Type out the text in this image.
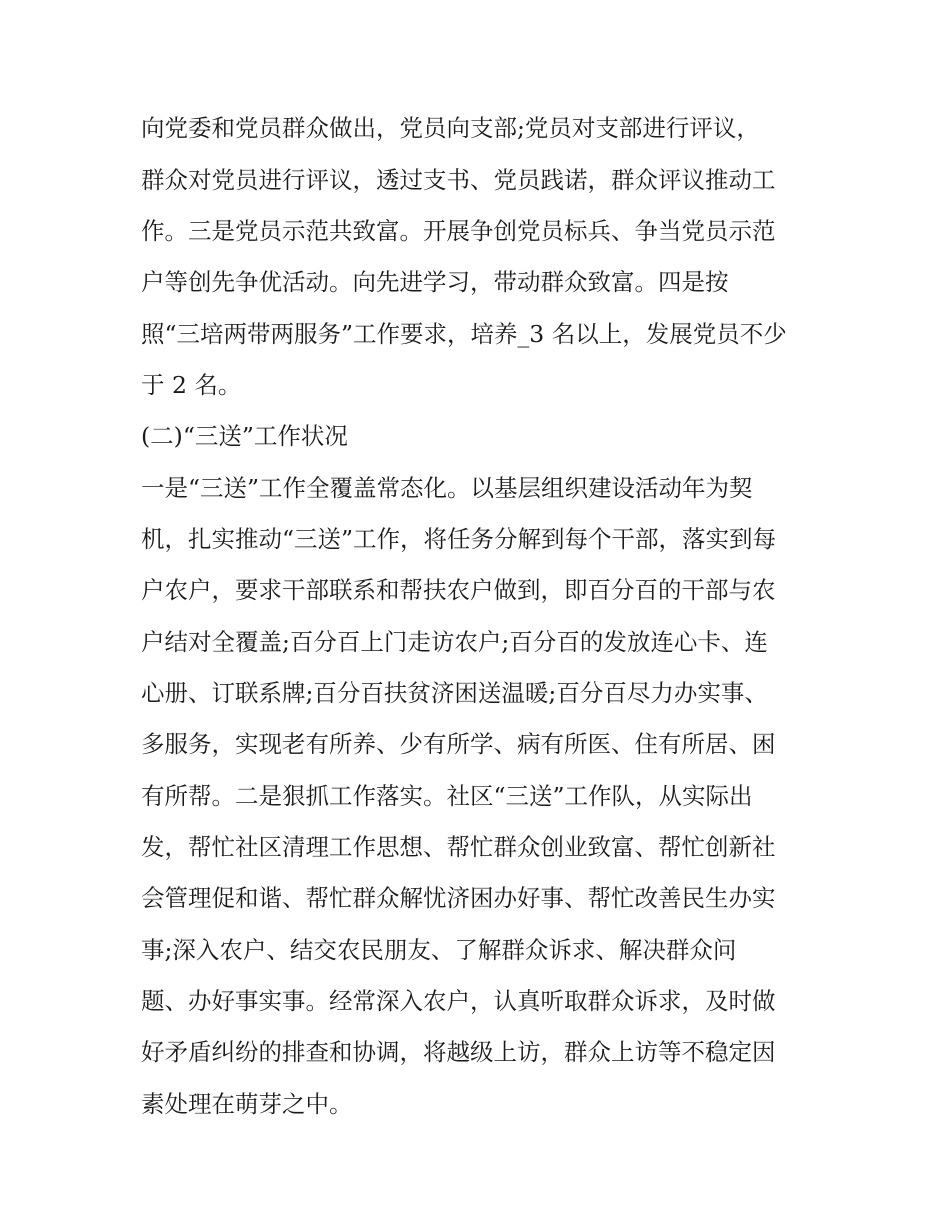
向党委和党员群众做出，党员向支部;党员对支部进行评议，
群众对党员进行评议，透过支书、党员践诺，群众评议推动工
作。三是党员示范共致富。开展争创党员标兵、争当党员示范
户等创先争优活动。向先进学习，带动群众致富。四是按
照“三培两带两服务”工作要求，培养_3 名以上，发展党员不少
于 2 名。
(二)“三送”工作状况
一是“三送”工作全覆盖常态化。以基层组织建设活动年为契
机，扎实推动“三送”工作，将任务分解到每个干部，落实到每
户农户，要求干部联系和帮扶农户做到，即百分百的干部与农
户结对全覆盖;百分百上门走访农户;百分百的发放连心卡、连
心册、订联系牌;百分百扶贫济困送温暖;百分百尽力办实事、
多服务，实现老有所养、少有所学、病有所医、住有所居、困
有所帮。二是狠抓工作落实。社区“三送”工作队，从实际出
发，帮忙社区清理工作思想、帮忙群众创业致富、帮忙创新社
会管理促和谐、帮忙群众解忧济困办好事、帮忙改善民生办实
事;深入农户、结交农民朋友、了解群众诉求、解决群众问
题、办好事实事。经常深入农户，认真听取群众诉求，及时做
好矛盾纠纷的排查和协调，将越级上访，群众上访等不稳定因
素处理在萌芽之中。
